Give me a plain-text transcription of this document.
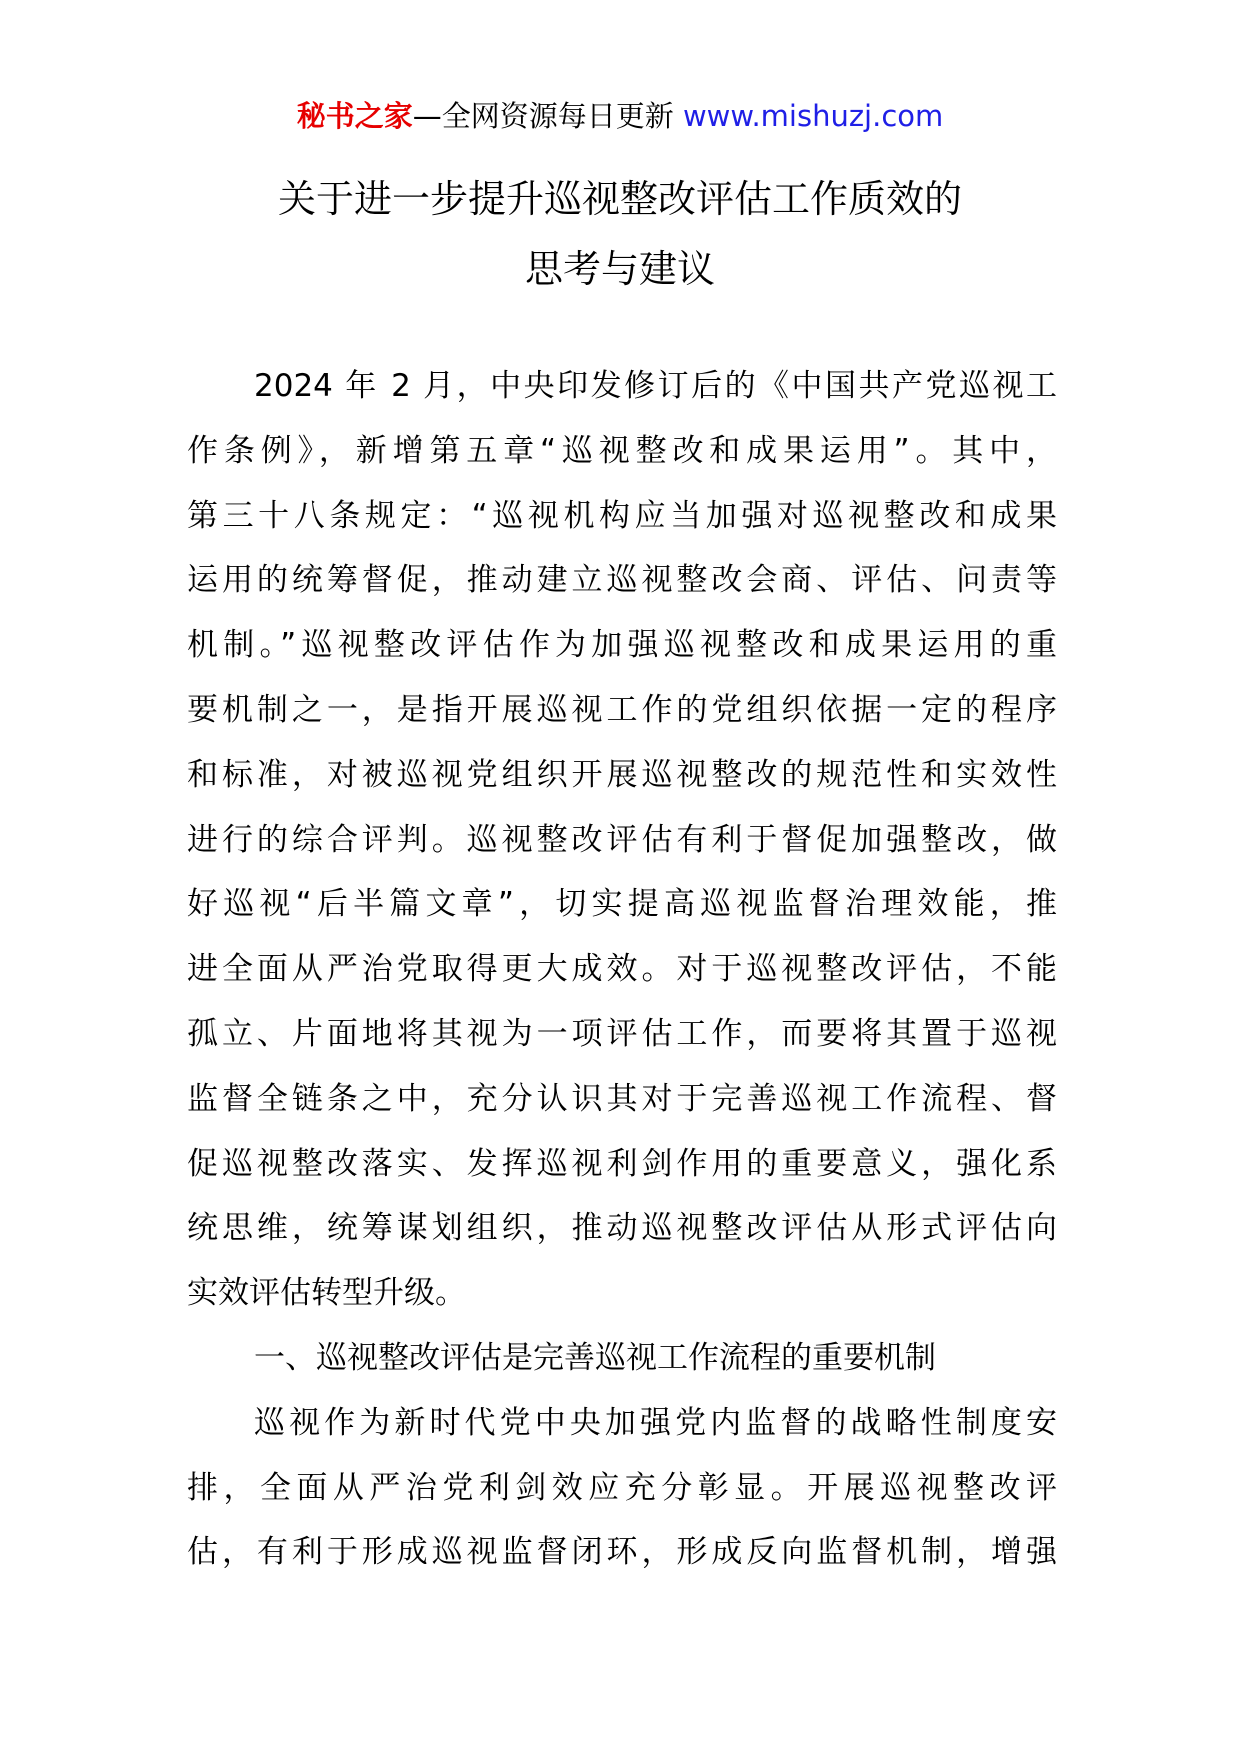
秘书之家—全网资源每日更新 www.mishuzj.com
关于进一步提升巡视整改评估工作质效的
思考与建议
2024 年 2 月，中央印发修订后的《中国共产党巡视工
作条例》，新增第五章“巡视整改和成果运用”。其中，
第三十八条规定：“巡视机构应当加强对巡视整改和成果
运用的统筹督促，推动建立巡视整改会商、评估、问责等
机制。”巡视整改评估作为加强巡视整改和成果运用的重
要机制之一，是指开展巡视工作的党组织依据一定的程序
和标准，对被巡视党组织开展巡视整改的规范性和实效性
进行的综合评判。巡视整改评估有利于督促加强整改，做
好巡视“后半篇文章”，切实提高巡视监督治理效能，推
进全面从严治党取得更大成效。对于巡视整改评估，不能
孤立、片面地将其视为一项评估工作，而要将其置于巡视
监督全链条之中，充分认识其对于完善巡视工作流程、督
促巡视整改落实、发挥巡视利剑作用的重要意义，强化系
统思维，统筹谋划组织，推动巡视整改评估从形式评估向
实效评估转型升级。
一、巡视整改评估是完善巡视工作流程的重要机制
巡视作为新时代党中央加强党内监督的战略性制度安
排，全面从严治党利剑效应充分彰显。开展巡视整改评
估，有利于形成巡视监督闭环，形成反向监督机制，增强
